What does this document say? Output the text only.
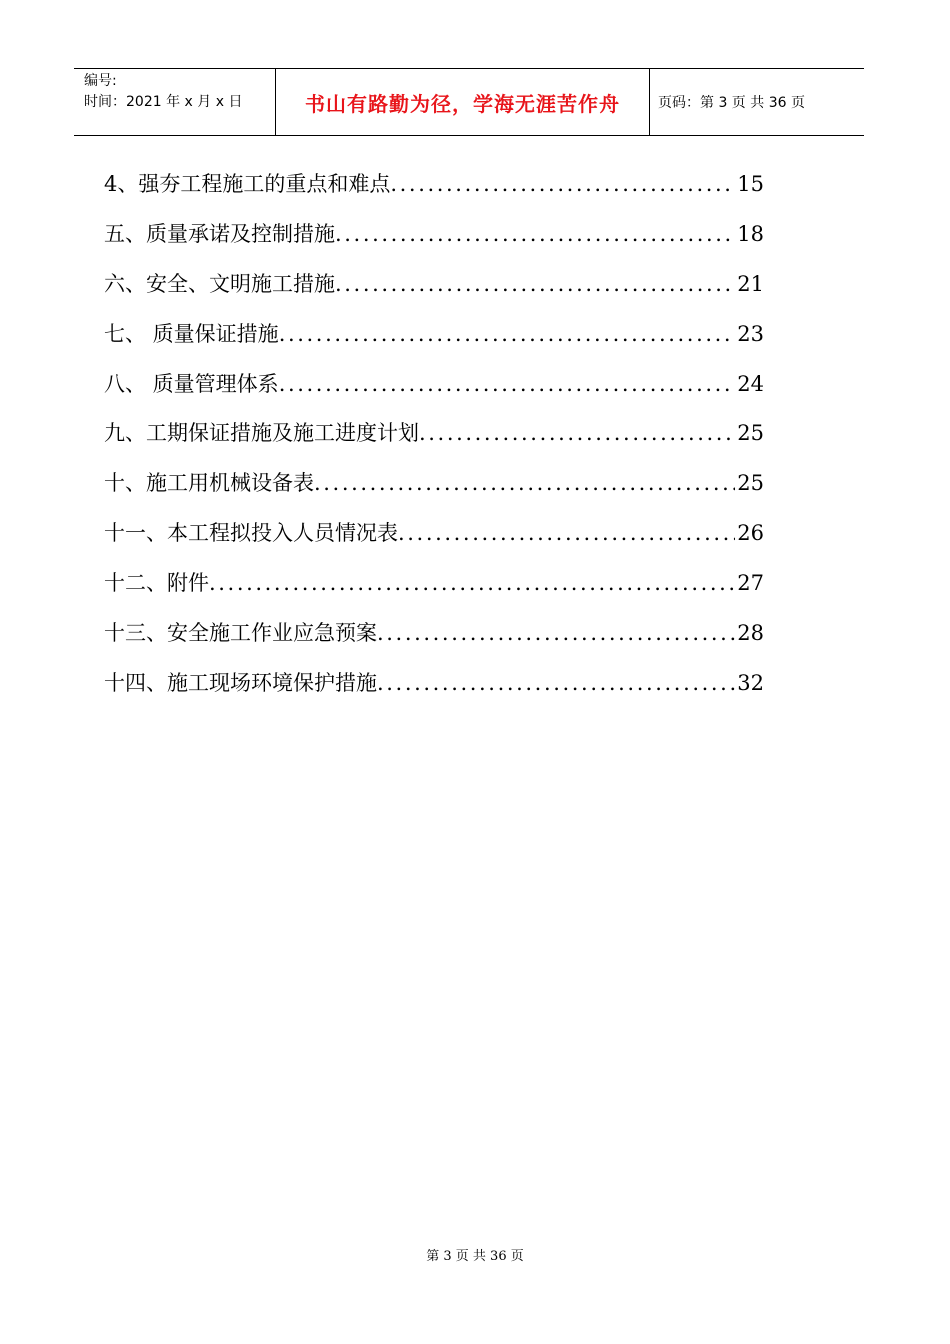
编号:
时间：2021 年 x 月 x 日	书山有路勤为径，学海无涯苦作舟	页码：第 3 页 共 36 页
4、强夯工程施工的重点和难点 .....	15
五、质量承诺及控制措施 .....	18
六、安全、文明施工措施 .....	21
七、 质量保证措施 .....	23
八、 质量管理体系 .....	24
九、工期保证措施及施工进度计划 .....	25
十、施工用机械设备表 .....	25
十一、本工程拟投入人员情况表 .....	26
十二、附件 .....	27
十三、安全施工作业应急预案 .....	28
十四、施工现场环境保护措施 .....	32
第 3 页 共 36 页
